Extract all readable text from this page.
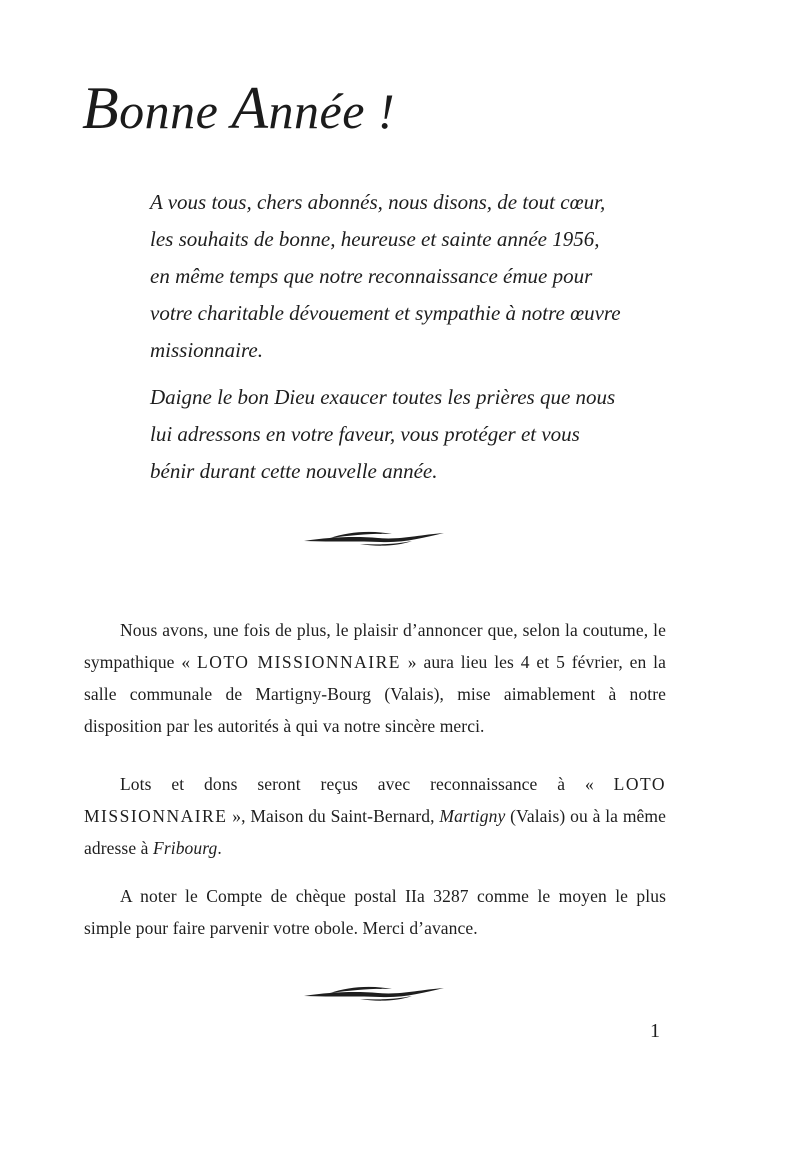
Bonne Année !

A vous tous, chers abonnés, nous disons, de tout cœur,
les souhaits de bonne, heureuse et sainte année 1956,
en même temps que notre reconnaissance émue pour
votre charitable dévouement et sympathie à notre œuvre
missionnaire.

Daigne le bon Dieu exaucer toutes les prières que nous
lui adressons en votre faveur, vous protéger et vous
bénir durant cette nouvelle année.

Nous avons, une fois de plus, le plaisir d’annoncer que, selon la coutume, le sympathique « LOTO MISSIONNAIRE » aura lieu les 4 et 5 février, en la salle communale de Martigny-Bourg (Valais), mise aimablement à notre disposition par les autorités à qui va notre sincère merci.

Lots et dons seront reçus avec reconnaissance à « LOTO MISSIONNAIRE », Maison du Saint-Bernard, Martigny (Valais) ou à la même adresse à Fribourg.

A noter le Compte de chèque postal IIa 3287 comme le moyen le plus simple pour faire parvenir votre obole. Merci d’avance.

1
